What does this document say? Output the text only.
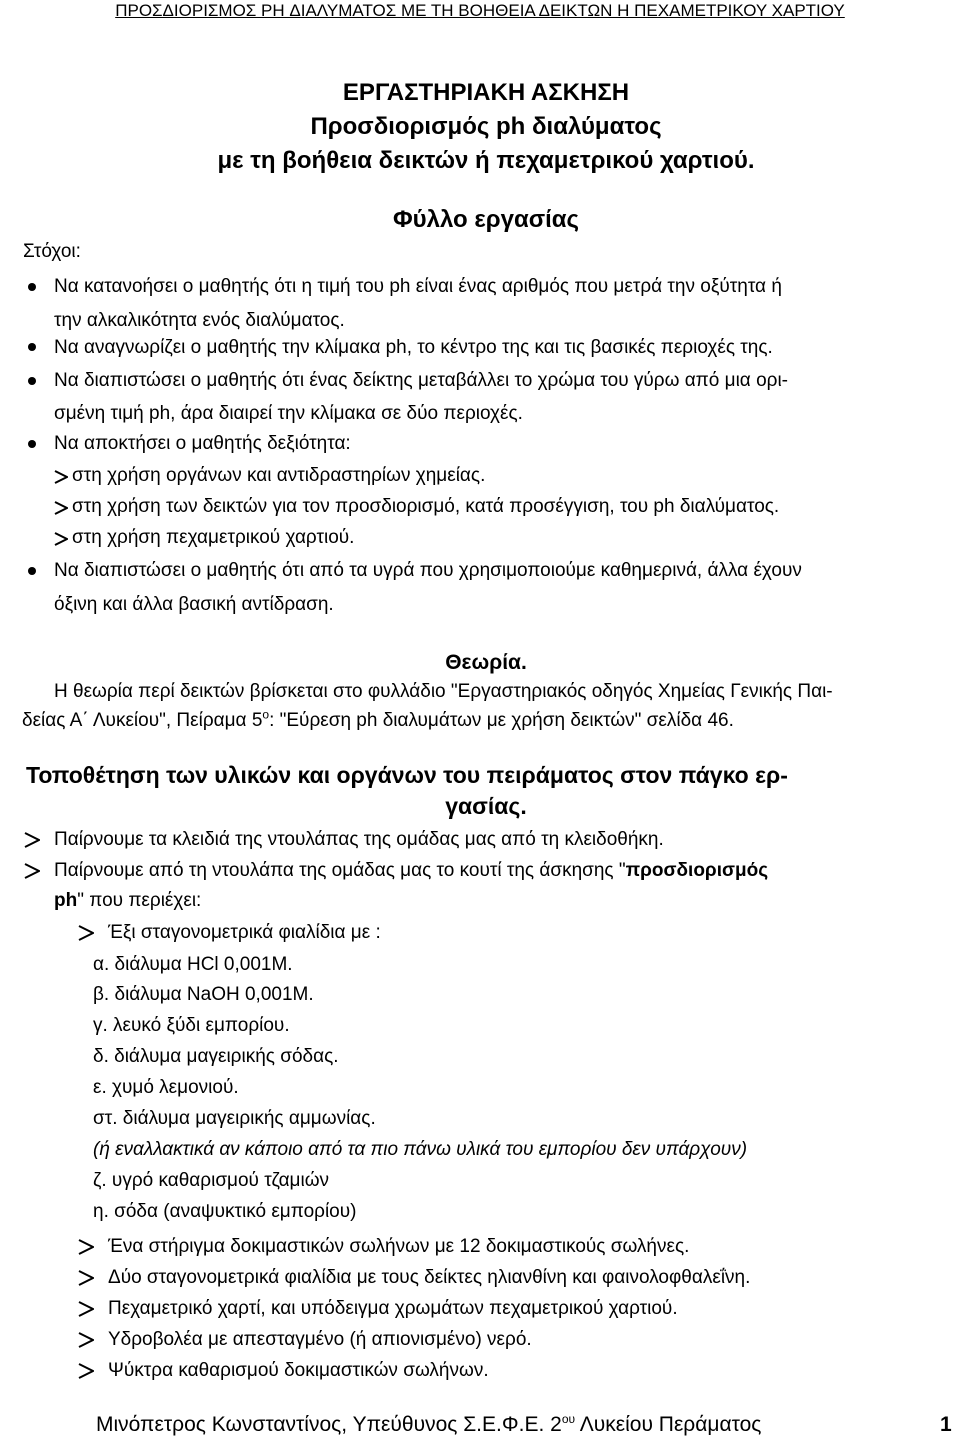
ΠΡΟΣΔΙΟΡΙΣΜΟΣ PH ΔΙΑΛΥΜΑΤΟΣ ΜΕ ΤΗ ΒΟΗΘΕΙΑ ΔΕΙΚΤΩΝ Η ΠΕΧΑΜΕΤΡΙΚΟΥ ΧΑΡΤΙΟΥ
ΕΡΓΑΣΤΗΡΙΑΚΗ ΑΣΚΗΣΗ
Προσδιορισμός ph διαλύματος
με τη βοήθεια δεικτών ή πεχαμετρικού χαρτιού.
Φύλλο εργασίας
Στόχοι:
Να κατανοήσει ο μαθητής ότι η τιμή του ph είναι ένας αριθμός που μετρά την οξύτητα ή
την αλκαλικότητα ενός διαλύματος.
Να αναγνωρίζει ο μαθητής την κλίμακα ph, το κέντρο της και τις βασικές περιοχές της.
Να διαπιστώσει ο μαθητής ότι ένας δείκτης μεταβάλλει το χρώμα του γύρω από μια ορι-
σμένη τιμή ph, άρα διαιρεί την κλίμακα σε δύο περιοχές.
Να αποκτήσει ο μαθητής δεξιότητα:
στη χρήση οργάνων και αντιδραστηρίων χημείας.
στη χρήση των δεικτών για τον προσδιορισμό, κατά προσέγγιση, του ph διαλύματος.
στη χρήση πεχαμετρικού χαρτιού.
Να διαπιστώσει ο μαθητής ότι από τα υγρά που χρησιμοποιούμε καθημερινά, άλλα έχουν
όξινη και άλλα βασική αντίδραση.
Θεωρία.
Η θεωρία περί δεικτών βρίσκεται στο φυλλάδιο "Εργαστηριακός οδηγός Χημείας Γενικής Παι-
δείας Α΄ Λυκείου", Πείραμα $5^o$: "Εύρεση ph διαλυμάτων με χρήση δεικτών" σελίδα 46.
Τοποθέτηση των υλικών και οργάνων του πειράματος στον πάγκο ερ-
γασίας.
Παίρνουμε τα κλειδιά της ντουλάπας της ομάδας μας από τη κλειδοθήκη.
Παίρνουμε από τη ντουλάπα της ομάδας μας το κουτί της άσκησης "προσδιορισμός
ph" που περιέχει:
Έξι σταγονομετρικά φιαλίδια με :
α. διάλυμα HCl 0,001M.
β. διάλυμα NaOH 0,001M.
γ. λευκό ξύδι εμπορίου.
δ. διάλυμα μαγειρικής σόδας.
ε. χυμό λεμονιού.
στ. διάλυμα μαγειρικής αμμωνίας.
(ή εναλλακτικά αν κάποιο από τα πιο πάνω υλικά του εμπορίου δεν υπάρχουν)
ζ. υγρό καθαρισμού τζαμιών
η. σόδα (αναψυκτικό εμπορίου)
Ένα στήριγμα δοκιμαστικών σωλήνων με 12 δοκιμαστικούς σωλήνες.
Δύο σταγονομετρικά φιαλίδια με τους δείκτες ηλιανθίνη και φαινολοφθαλεΐνη.
Πεχαμετρικό χαρτί, και υπόδειγμα χρωμάτων πεχαμετρικού χαρτιού.
Υδροβολέα με απεσταγμένο (ή απιονισμένο) νερό.
Ψύκτρα καθαρισμού δοκιμαστικών σωλήνων.
Μινόπετρος Κωνσταντίνος, Υπεύθυνος Σ.Ε.Φ.Ε. $2^{o\upsilon}$ Λυκείου Περάματος	1
